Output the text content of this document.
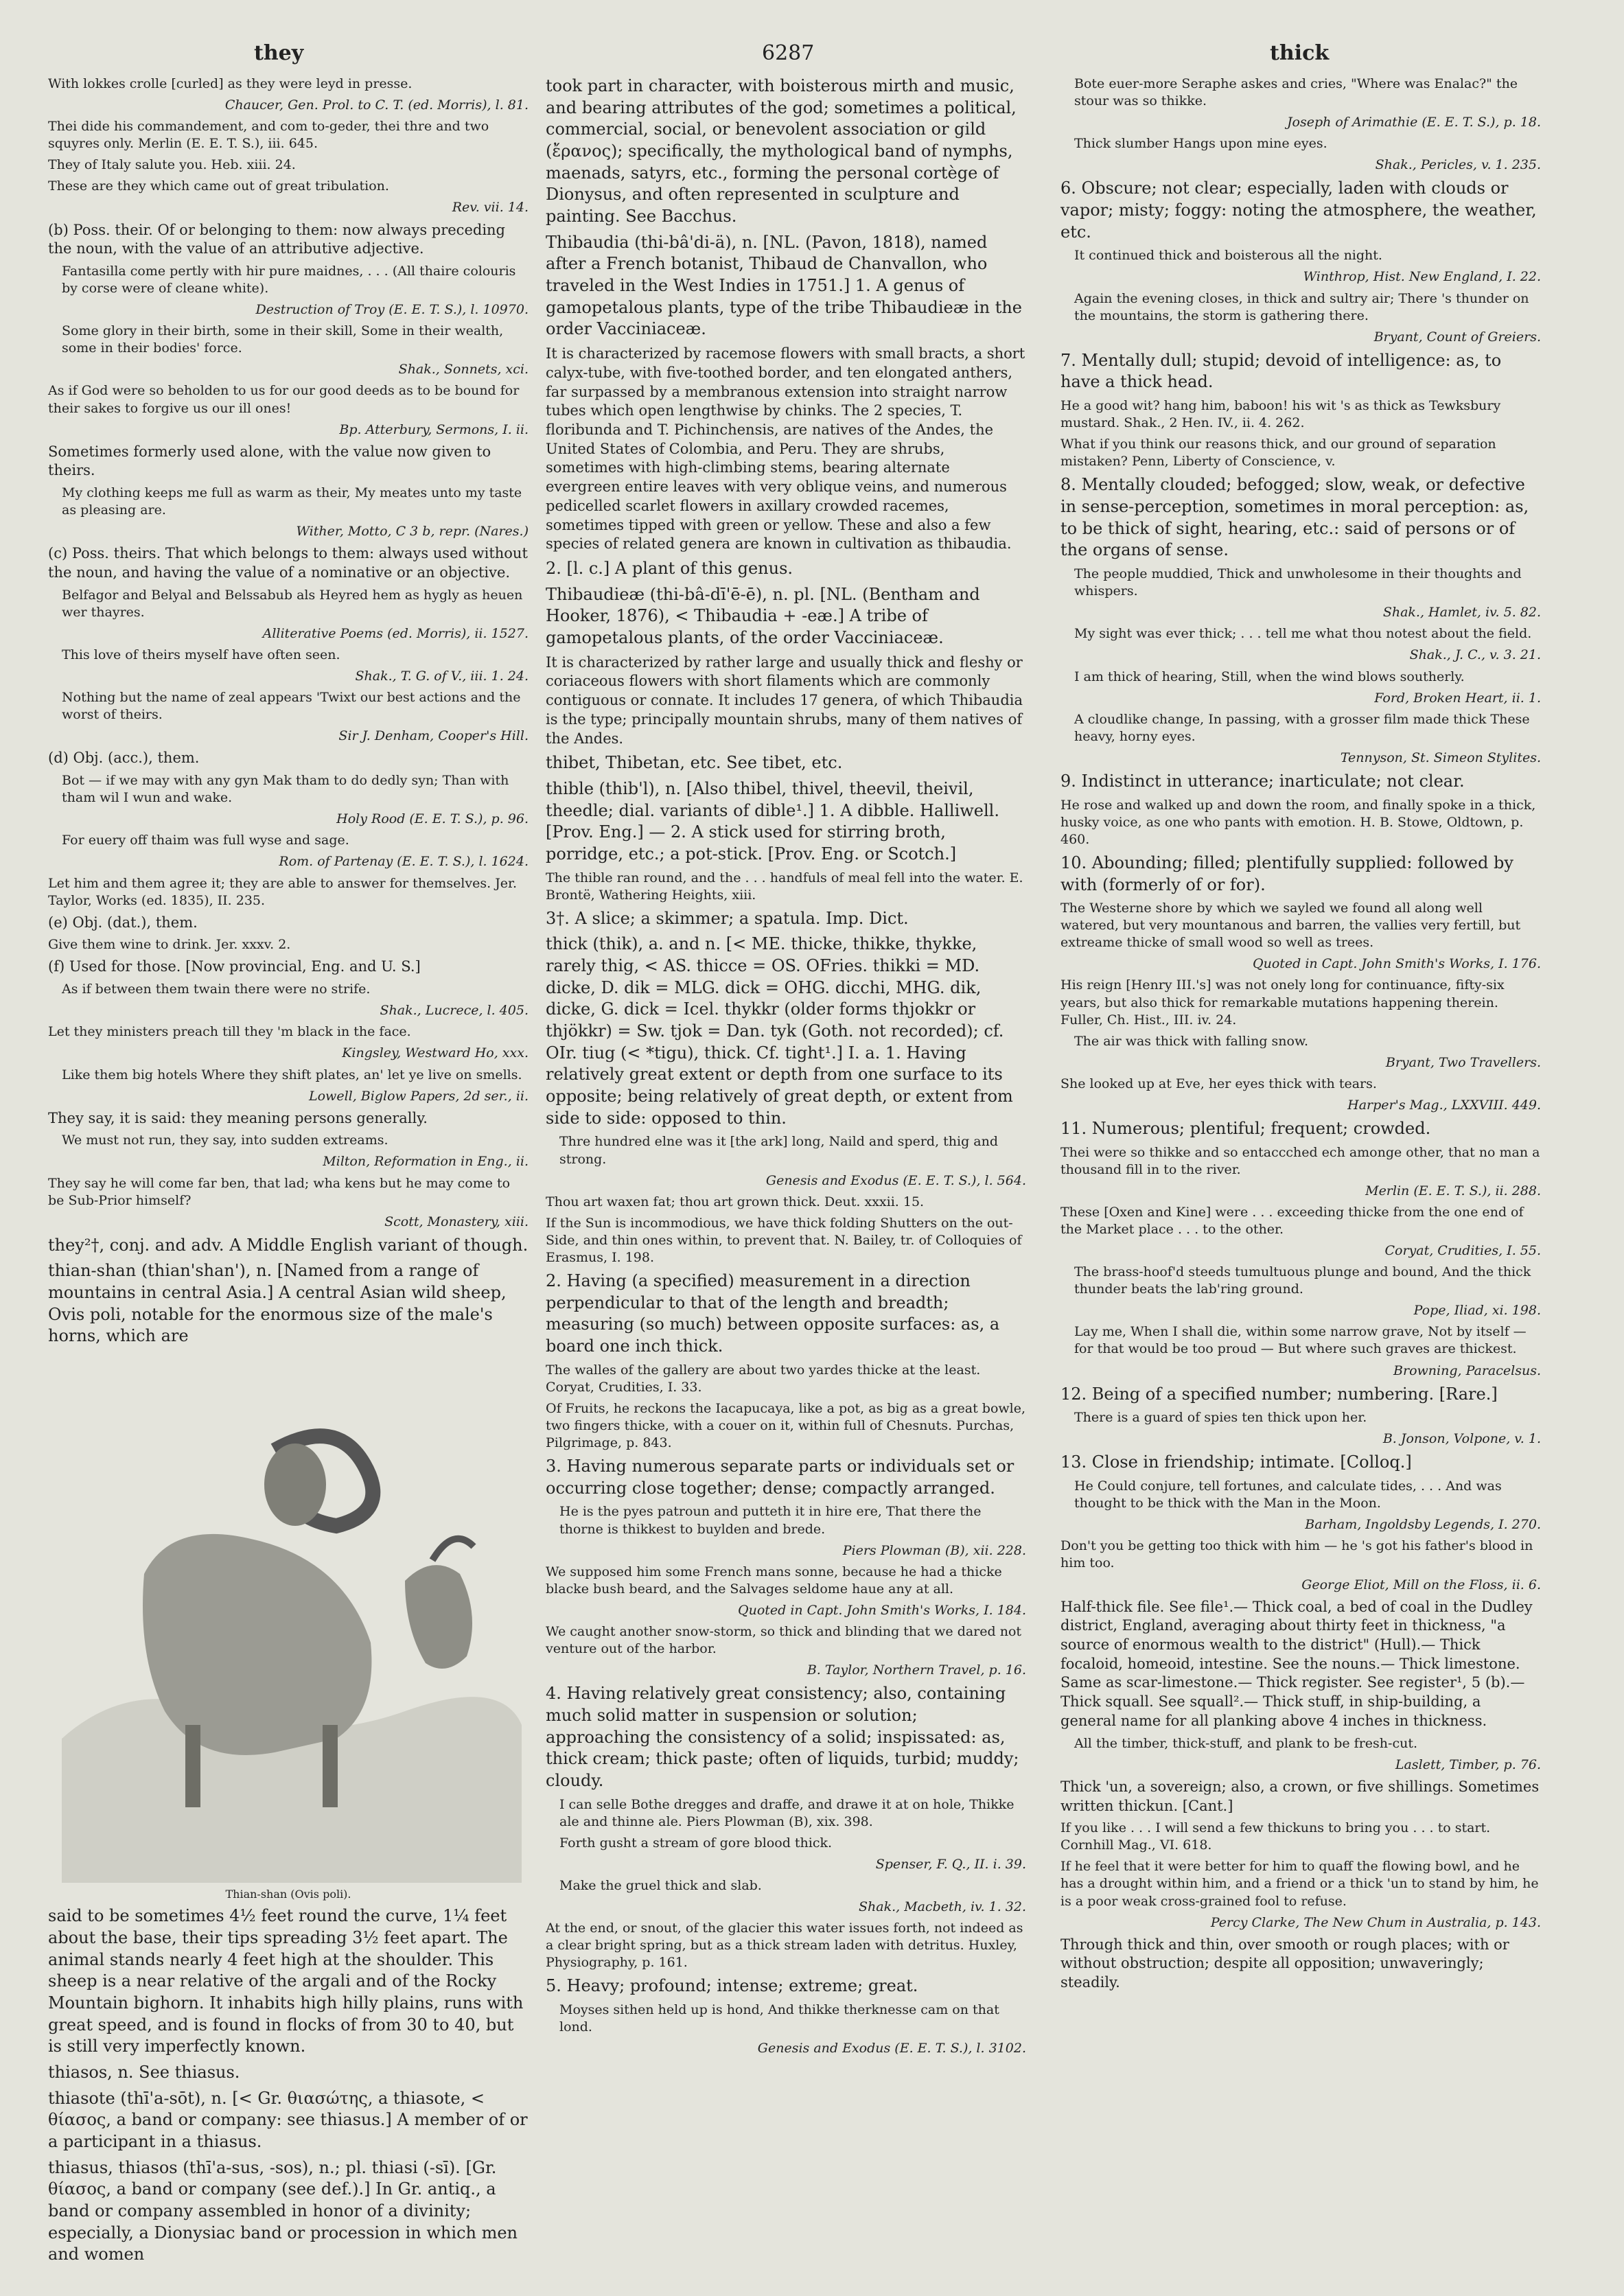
they	6287	thick

With lokkes crolle [curled] as they were leyd in presse.

Chaucer, Gen. Prol. to C. T. (ed. Morris), l. 81.

Thei dide his commandement, and com to-geder, thei thre and two squyres only. Merlin (E. E. T. S.), iii. 645.

They of Italy salute you. Heb. xiii. 24.

These are they which came out of great tribulation.

Rev. vii. 14.

(b) Poss. their. Of or belonging to them: now always preceding the noun, with the value of an attributive adjective.

Fantasilla come pertly with hir pure maidnes, . . . (All thaire colouris by corse were of cleane white).

Destruction of Troy (E. E. T. S.), l. 10970.

Some glory in their birth, some in their skill, Some in their wealth, some in their bodies' force.

Shak., Sonnets, xci.

As if God were so beholden to us for our good deeds as to be bound for their sakes to forgive us our ill ones!

Bp. Atterbury, Sermons, I. ii.

Sometimes formerly used alone, with the value now given to theirs.

My clothing keeps me full as warm as their, My meates unto my taste as pleasing are.

Wither, Motto, C 3 b, repr. (Nares.)

(c) Poss. theirs. That which belongs to them: always used without the noun, and having the value of a nominative or an objective.

Belfagor and Belyal and Belssabub als Heyred hem as hygly as heuen wer thayres.

Alliterative Poems (ed. Morris), ii. 1527.

This love of theirs myself have often seen.

Shak., T. G. of V., iii. 1. 24.

Nothing but the name of zeal appears 'Twixt our best actions and the worst of theirs.

Sir J. Denham, Cooper's Hill.

(d) Obj. (acc.), them.

Bot — if we may with any gyn Mak tham to do dedly syn; Than with tham wil I wun and wake.

Holy Rood (E. E. T. S.), p. 96.

For euery off thaim was full wyse and sage.

Rom. of Partenay (E. E. T. S.), l. 1624.

Let him and them agree it; they are able to answer for themselves. Jer. Taylor, Works (ed. 1835), II. 235.

(e) Obj. (dat.), them.

Give them wine to drink. Jer. xxxv. 2.

(f) Used for those. [Now provincial, Eng. and U. S.]

As if between them twain there were no strife.

Shak., Lucrece, l. 405.

Let they ministers preach till they 'm black in the face.

Kingsley, Westward Ho, xxx.

Like them big hotels Where they shift plates, an' let ye live on smells.

Lowell, Biglow Papers, 2d ser., ii.

They say, it is said: they meaning persons generally.

We must not run, they say, into sudden extreams.

Milton, Reformation in Eng., ii.

They say he will come far ben, that lad; wha kens but he may come to be Sub-Prior himself?

Scott, Monastery, xiii.

they²†, conj. and adv. A Middle English variant of though.

thian-shan (thian'shan'), n. [Named from a range of mountains in central Asia.] A central Asian wild sheep, Ovis poli, notable for the enormous size of the male's horns, which are

Thian-shan (Ovis poli).

said to be sometimes 4½ feet round the curve, 1¼ feet about the base, their tips spreading 3½ feet apart. The animal stands nearly 4 feet high at the shoulder. This sheep is a near relative of the argali and of the Rocky Mountain bighorn. It inhabits high hilly plains, runs with great speed, and is found in flocks of from 30 to 40, but is still very imperfectly known.

thiasos, n. See thiasus.

thiasote (thī'a-sōt), n. [< Gr. θιασώτης, a thiasote, < θίασος, a band or company: see thiasus.] A member of or a participant in a thiasus.

thiasus, thiasos (thī'a-sus, -sos), n.; pl. thiasi (-sī). [Gr. θίασος, a band or company (see def.).] In Gr. antiq., a band or company assembled in honor of a divinity; especially, a Dionysiac band or procession in which men and women

took part in character, with boisterous mirth and music, and bearing attributes of the god; sometimes a political, commercial, social, or benevolent association or gild (ἔρανος); specifically, the mythological band of nymphs, maenads, satyrs, etc., forming the personal cortège of Dionysus, and often represented in sculpture and painting. See Bacchus.

Thibaudia (thi-bâ'di-ä), n. [NL. (Pavon, 1818), named after a French botanist, Thibaud de Chanvallon, who traveled in the West Indies in 1751.] 1. A genus of gamopetalous plants, type of the tribe Thibaudieæ in the order Vacciniaceæ.

It is characterized by racemose flowers with small bracts, a short calyx-tube, with five-toothed border, and ten elongated anthers, far surpassed by a membranous extension into straight narrow tubes which open lengthwise by chinks. The 2 species, T. floribunda and T. Pichinchensis, are natives of the Andes, the United States of Colombia, and Peru. They are shrubs, sometimes with high-climbing stems, bearing alternate evergreen entire leaves with very oblique veins, and numerous pedicelled scarlet flowers in axillary crowded racemes, sometimes tipped with green or yellow. These and also a few species of related genera are known in cultivation as thibaudia.

2. [l. c.] A plant of this genus.

Thibaudieæ (thi-bâ-dī'ē-ē), n. pl. [NL. (Bentham and Hooker, 1876), < Thibaudia + -eæ.] A tribe of gamopetalous plants, of the order Vacciniaceæ.

It is characterized by rather large and usually thick and fleshy or coriaceous flowers with short filaments which are commonly contiguous or connate. It includes 17 genera, of which Thibaudia is the type; principally mountain shrubs, many of them natives of the Andes.

thibet, Thibetan, etc. See tibet, etc.

thible (thib'l), n. [Also thibel, thivel, theevil, theivil, theedle; dial. variants of dible¹.] 1. A dibble. Halliwell. [Prov. Eng.] — 2. A stick used for stirring broth, porridge, etc.; a pot-stick. [Prov. Eng. or Scotch.]

The thible ran round, and the . . . handfuls of meal fell into the water. E. Brontë, Wathering Heights, xiii.

3†. A slice; a skimmer; a spatula. Imp. Dict.

thick (thik), a. and n. [< ME. thicke, thikke, thykke, rarely thig, < AS. thicce = OS. OFries. thikki = MD. dicke, D. dik = MLG. dick = OHG. dicchi, MHG. dik, dicke, G. dick = Icel. thykkr (older forms thjokkr or thjökkr) = Sw. tjok = Dan. tyk (Goth. not recorded); cf. OIr. tiug (< *tigu), thick. Cf. tight¹.] I. a. 1. Having relatively great extent or depth from one surface to its opposite; being relatively of great depth, or extent from side to side: opposed to thin.

Thre hundred elne was it [the ark] long, Naild and sperd, thig and strong.

Genesis and Exodus (E. E. T. S.), l. 564.

Thou art waxen fat; thou art grown thick. Deut. xxxii. 15.

If the Sun is incommodious, we have thick folding Shutters on the out-Side, and thin ones within, to prevent that. N. Bailey, tr. of Colloquies of Erasmus, I. 198.

2. Having (a specified) measurement in a direction perpendicular to that of the length and breadth; measuring (so much) between opposite surfaces: as, a board one inch thick.

The walles of the gallery are about two yardes thicke at the least. Coryat, Crudities, I. 33.

Of Fruits, he reckons the Iacapucaya, like a pot, as big as a great bowle, two fingers thicke, with a couer on it, within full of Chesnuts. Purchas, Pilgrimage, p. 843.

3. Having numerous separate parts or individuals set or occurring close together; dense; compactly arranged.

He is the pyes patroun and putteth it in hire ere, That there the thorne is thikkest to buylden and brede.

Piers Plowman (B), xii. 228.

We supposed him some French mans sonne, because he had a thicke blacke bush beard, and the Salvages seldome haue any at all.

Quoted in Capt. John Smith's Works, I. 184.

We caught another snow-storm, so thick and blinding that we dared not venture out of the harbor.

B. Taylor, Northern Travel, p. 16.

4. Having relatively great consistency; also, containing much solid matter in suspension or solution; approaching the consistency of a solid; inspissated: as, thick cream; thick paste; often of liquids, turbid; muddy; cloudy.

I can selle Bothe dregges and draffe, and drawe it at on hole, Thikke ale and thinne ale. Piers Plowman (B), xix. 398.

Forth gusht a stream of gore blood thick.

Spenser, F. Q., II. i. 39.

Make the gruel thick and slab.

Shak., Macbeth, iv. 1. 32.

At the end, or snout, of the glacier this water issues forth, not indeed as a clear bright spring, but as a thick stream laden with detritus. Huxley, Physiography, p. 161.

5. Heavy; profound; intense; extreme; great.

Moyses sithen held up is hond, And thikke therknesse cam on that lond.

Genesis and Exodus (E. E. T. S.), l. 3102.

Bote euer-more Seraphe askes and cries, "Where was Enalac?" the stour was so thikke.

Joseph of Arimathie (E. E. T. S.), p. 18.

Thick slumber Hangs upon mine eyes.

Shak., Pericles, v. 1. 235.

6. Obscure; not clear; especially, laden with clouds or vapor; misty; foggy: noting the atmosphere, the weather, etc.

It continued thick and boisterous all the night.

Winthrop, Hist. New England, I. 22.

Again the evening closes, in thick and sultry air; There 's thunder on the mountains, the storm is gathering there.

Bryant, Count of Greiers.

7. Mentally dull; stupid; devoid of intelligence: as, to have a thick head.

He a good wit? hang him, baboon! his wit 's as thick as Tewksbury mustard. Shak., 2 Hen. IV., ii. 4. 262.

What if you think our reasons thick, and our ground of separation mistaken? Penn, Liberty of Conscience, v.

8. Mentally clouded; befogged; slow, weak, or defective in sense-perception, sometimes in moral perception: as, to be thick of sight, hearing, etc.: said of persons or of the organs of sense.

The people muddied, Thick and unwholesome in their thoughts and whispers.

Shak., Hamlet, iv. 5. 82.

My sight was ever thick; . . . tell me what thou notest about the field.

Shak., J. C., v. 3. 21.

I am thick of hearing, Still, when the wind blows southerly.

Ford, Broken Heart, ii. 1.

A cloudlike change, In passing, with a grosser film made thick These heavy, horny eyes.

Tennyson, St. Simeon Stylites.

9. Indistinct in utterance; inarticulate; not clear.

He rose and walked up and down the room, and finally spoke in a thick, husky voice, as one who pants with emotion. H. B. Stowe, Oldtown, p. 460.

10. Abounding; filled; plentifully supplied: followed by with (formerly of or for).

The Westerne shore by which we sayled we found all along well watered, but very mountanous and barren, the vallies very fertill, but extreame thicke of small wood so well as trees.

Quoted in Capt. John Smith's Works, I. 176.

His reign [Henry III.'s] was not onely long for continuance, fifty-six years, but also thick for remarkable mutations happening therein. Fuller, Ch. Hist., III. iv. 24.

The air was thick with falling snow.

Bryant, Two Travellers.

She looked up at Eve, her eyes thick with tears.

Harper's Mag., LXXVIII. 449.

11. Numerous; plentiful; frequent; crowded.

Thei were so thikke and so entaccched ech amonge other, that no man a thousand fill in to the river.

Merlin (E. E. T. S.), ii. 288.

These [Oxen and Kine] were . . . exceeding thicke from the one end of the Market place . . . to the other.

Coryat, Crudities, I. 55.

The brass-hoof'd steeds tumultuous plunge and bound, And the thick thunder beats the lab'ring ground.

Pope, Iliad, xi. 198.

Lay me, When I shall die, within some narrow grave, Not by itself — for that would be too proud — But where such graves are thickest.

Browning, Paracelsus.

12. Being of a specified number; numbering. [Rare.]

There is a guard of spies ten thick upon her.

B. Jonson, Volpone, v. 1.

13. Close in friendship; intimate. [Colloq.]

He Could conjure, tell fortunes, and calculate tides, . . . And was thought to be thick with the Man in the Moon.

Barham, Ingoldsby Legends, I. 270.

Don't you be getting too thick with him — he 's got his father's blood in him too.

George Eliot, Mill on the Floss, ii. 6.

Half-thick file. See file¹.— Thick coal, a bed of coal in the Dudley district, England, averaging about thirty feet in thickness, "a source of enormous wealth to the district" (Hull).— Thick focaloid, homeoid, intestine. See the nouns.— Thick limestone. Same as scar-limestone.— Thick register. See register¹, 5 (b).— Thick squall. See squall².— Thick stuff, in ship-building, a general name for all planking above 4 inches in thickness.

All the timber, thick-stuff, and plank to be fresh-cut.

Laslett, Timber, p. 76.

Thick 'un, a sovereign; also, a crown, or five shillings. Sometimes written thickun. [Cant.]

If you like . . . I will send a few thickuns to bring you . . . to start. Cornhill Mag., VI. 618.

If he feel that it were better for him to quaff the flowing bowl, and he has a drought within him, and a friend or a thick 'un to stand by him, he is a poor weak cross-grained fool to refuse.

Percy Clarke, The New Chum in Australia, p. 143.

Through thick and thin, over smooth or rough places; with or without obstruction; despite all opposition; unwaveringly; steadily.
